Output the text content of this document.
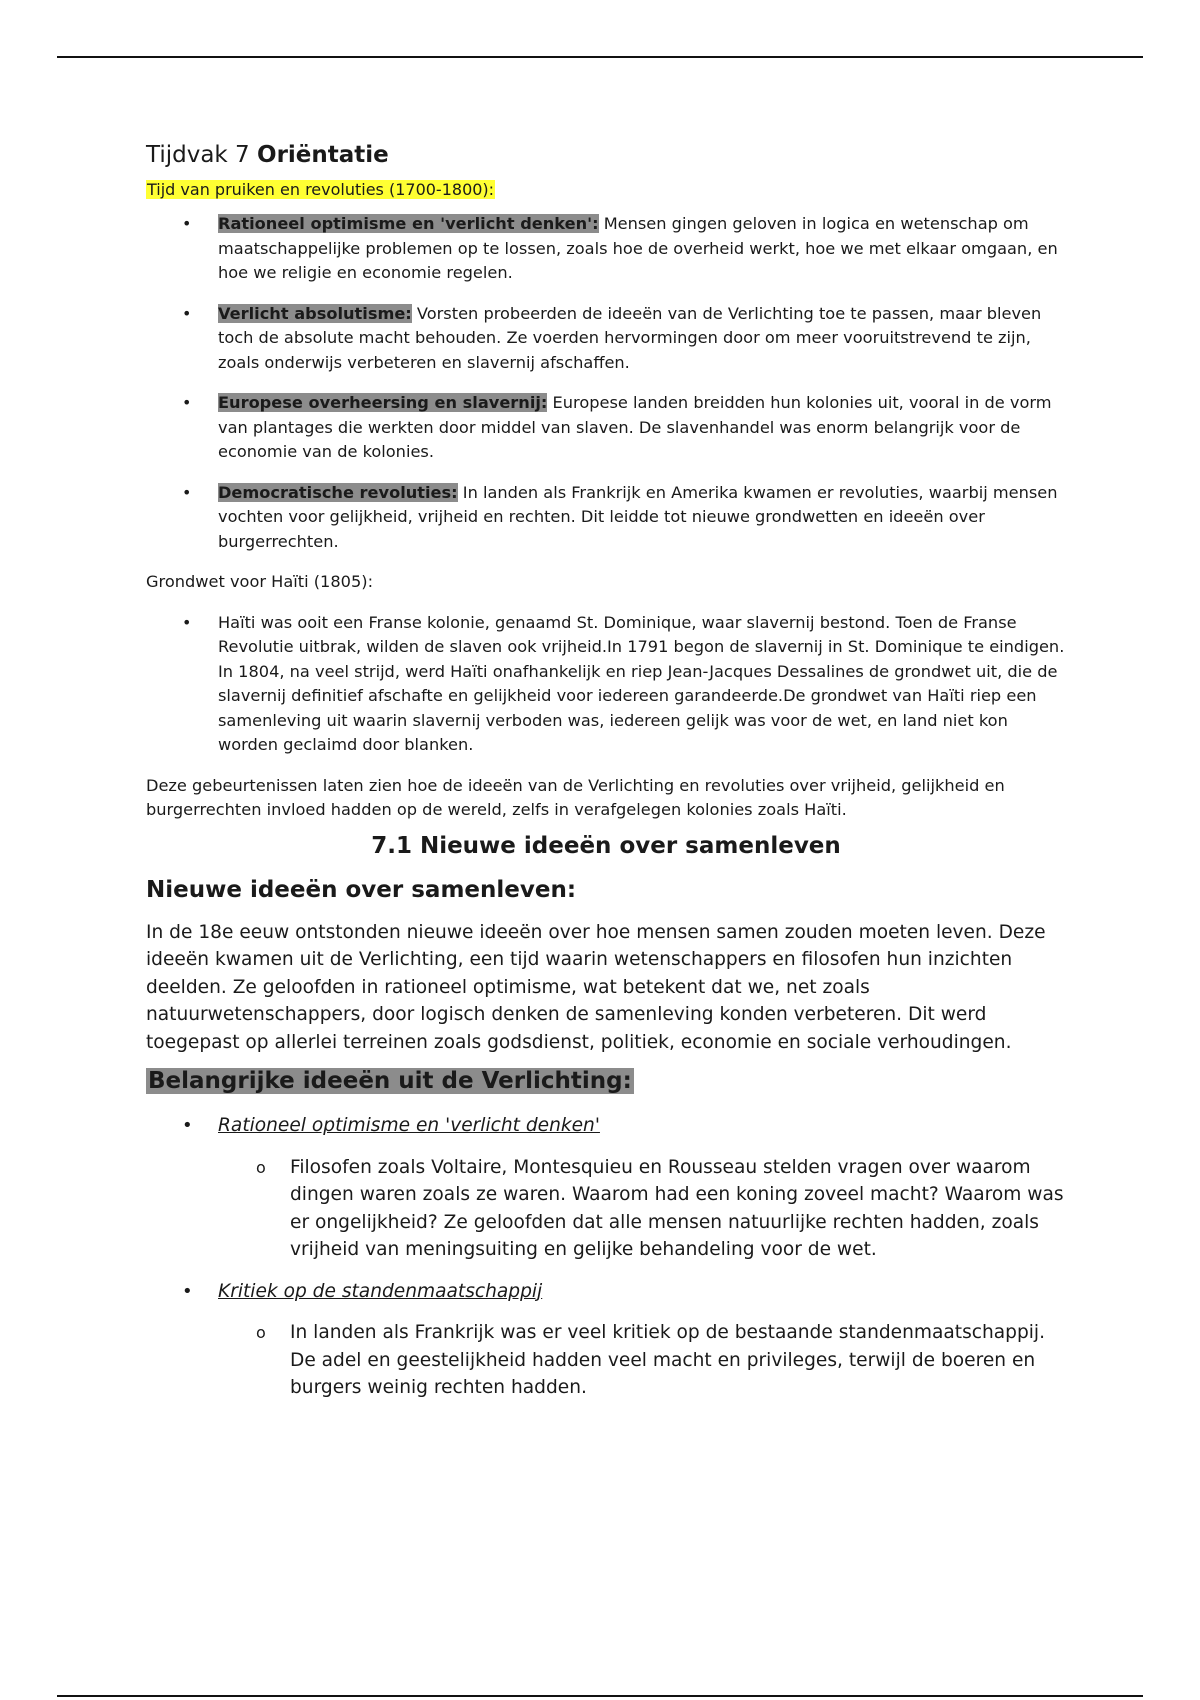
Tijdvak 7 Oriëntatie
Tijd van pruiken en revoluties (1700-1800):
• Rationeel optimisme en 'verlicht denken': Mensen gingen geloven in logica en wetenschap om maatschappelijke problemen op te lossen, zoals hoe de overheid werkt, hoe we met elkaar omgaan, en hoe we religie en economie regelen.
• Verlicht absolutisme: Vorsten probeerden de ideeën van de Verlichting toe te passen, maar bleven toch de absolute macht behouden. Ze voerden hervormingen door om meer vooruitstrevend te zijn, zoals onderwijs verbeteren en slavernij afschaffen.
• Europese overheersing en slavernij: Europese landen breidden hun kolonies uit, vooral in de vorm van plantages die werkten door middel van slaven. De slavenhandel was enorm belangrijk voor de economie van de kolonies.
• Democratische revoluties: In landen als Frankrijk en Amerika kwamen er revoluties, waarbij mensen vochten voor gelijkheid, vrijheid en rechten. Dit leidde tot nieuwe grondwetten en ideeën over burgerrechten.

Grondwet voor Haïti (1805):

• Haïti was ooit een Franse kolonie, genaamd St. Dominique, waar slavernij bestond. Toen de Franse Revolutie uitbrak, wilden de slaven ook vrijheid.In 1791 begon de slavernij in St. Dominique te eindigen. In 1804, na veel strijd, werd Haïti onafhankelijk en riep Jean-Jacques Dessalines de grondwet uit, die de slavernij definitief afschafte en gelijkheid voor iedereen garandeerde.De grondwet van Haïti riep een samenleving uit waarin slavernij verboden was, iedereen gelijk was voor de wet, en land niet kon worden geclaimd door blanken.

Deze gebeurtenissen laten zien hoe de ideeën van de Verlichting en revoluties over vrijheid, gelijkheid en burgerrechten invloed hadden op de wereld, zelfs in verafgelegen kolonies zoals Haïti.

7.1 Nieuwe ideeën over samenleven
Nieuwe ideeën over samenleven:

In de 18e eeuw ontstonden nieuwe ideeën over hoe mensen samen zouden moeten leven. Deze ideeën kwamen uit de Verlichting, een tijd waarin wetenschappers en filosofen hun inzichten deelden. Ze geloofden in rationeel optimisme, wat betekent dat we, net zoals natuurwetenschappers, door logisch denken de samenleving konden verbeteren. Dit werd toegepast op allerlei terreinen zoals godsdienst, politiek, economie en sociale verhoudingen.

Belangrijke ideeën uit de Verlichting:
• Rationeel optimisme en 'verlicht denken'
o Filosofen zoals Voltaire, Montesquieu en Rousseau stelden vragen over waarom dingen waren zoals ze waren. Waarom had een koning zoveel macht? Waarom was er ongelijkheid? Ze geloofden dat alle mensen natuurlijke rechten hadden, zoals vrijheid van meningsuiting en gelijke behandeling voor de wet.
• Kritiek op de standenmaatschappij
o In landen als Frankrijk was er veel kritiek op de bestaande standenmaatschappij. De adel en geestelijkheid hadden veel macht en privileges, terwijl de boeren en burgers weinig rechten hadden.
